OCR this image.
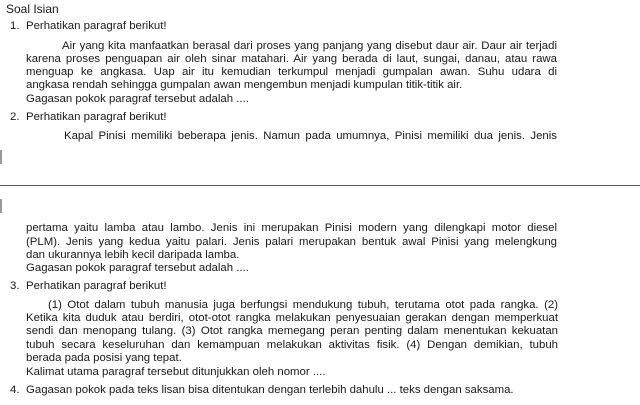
Soal Isian
1. Perhatikan paragraf berikut!
Air yang kita manfaatkan berasal dari proses yang panjang yang disebut daur air. Daur air terjadi
karena proses penguapan air oleh sinar matahari. Air yang berada di laut, sungai, danau, atau rawa
menguap ke angkasa. Uap air itu kemudian terkumpul menjadi gumpalan awan. Suhu udara di
angkasa rendah sehingga gumpalan awan mengembun menjadi kumpulan titik-titik air.
Gagasan pokok paragraf tersebut adalah ....
2. Perhatikan paragraf berikut!
Kapal Pinisi memiliki beberapa jenis. Namun pada umumnya, Pinisi memiliki dua jenis. Jenis
pertama yaitu lamba atau lambo. Jenis ini merupakan Pinisi modern yang dilengkapi motor diesel
(PLM). Jenis yang kedua yaitu palari. Jenis palari merupakan bentuk awal Pinisi yang melengkung
dan ukurannya lebih kecil daripada lamba.
Gagasan pokok paragraf tersebut adalah ....
3. Perhatikan paragraf berikut!
(1) Otot dalam tubuh manusia juga berfungsi mendukung tubuh, terutama otot pada rangka. (2)
Ketika kita duduk atau berdiri, otot-otot rangka melakukan penyesuaian gerakan dengan memperkuat
sendi dan menopang tulang. (3) Otot rangka memegang peran penting dalam menentukan kekuatan
tubuh secara keseluruhan dan kemampuan melakukan aktivitas fisik. (4) Dengan demikian, tubuh
berada pada posisi yang tepat.
Kalimat utama paragraf tersebut ditunjukkan oleh nomor ....
4. Gagasan pokok pada teks lisan bisa ditentukan dengan terlebih dahulu ... teks dengan saksama.
